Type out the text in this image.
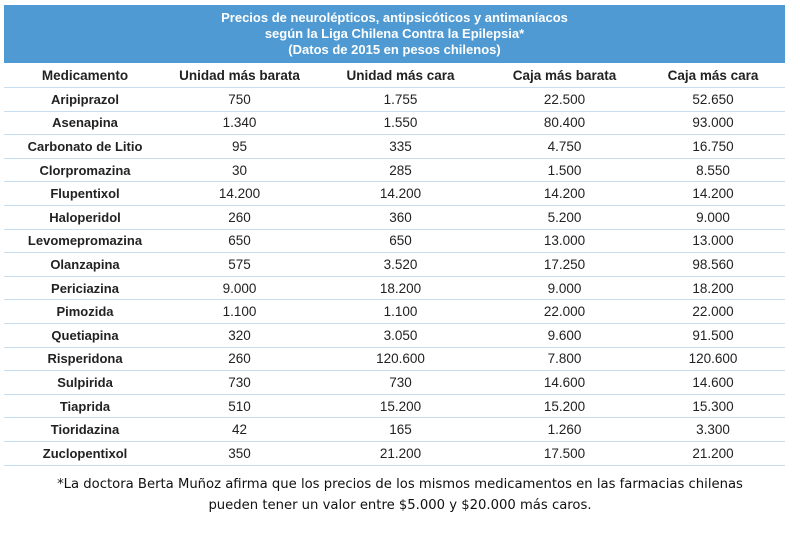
Precios de neurolépticos, antipsicóticos y antimaníacos
según la Liga Chilena Contra la Epilepsia*
(Datos de 2015 en pesos chilenos)
Medicamento	Unidad más barata	Unidad más cara	Caja más barata	Caja más cara
Aripiprazol	750	1.755	22.500	52.650
Asenapina	1.340	1.550	80.400	93.000
Carbonato de Litio	95	335	4.750	16.750
Clorpromazina	30	285	1.500	8.550
Flupentixol	14.200	14.200	14.200	14.200
Haloperidol	260	360	5.200	9.000
Levomepromazina	650	650	13.000	13.000
Olanzapina	575	3.520	17.250	98.560
Periciazina	9.000	18.200	9.000	18.200
Pimozida	1.100	1.100	22.000	22.000
Quetiapina	320	3.050	9.600	91.500
Risperidona	260	120.600	7.800	120.600
Sulpirida	730	730	14.600	14.600
Tiaprida	510	15.200	15.200	15.300
Tioridazina	42	165	1.260	3.300
Zuclopentixol	350	21.200	17.500	21.200
*La doctora Berta Muñoz afirma que los precios de los mismos medicamentos en las farmacias chilenas
pueden tener un valor entre $5.000 y $20.000 más caros.
